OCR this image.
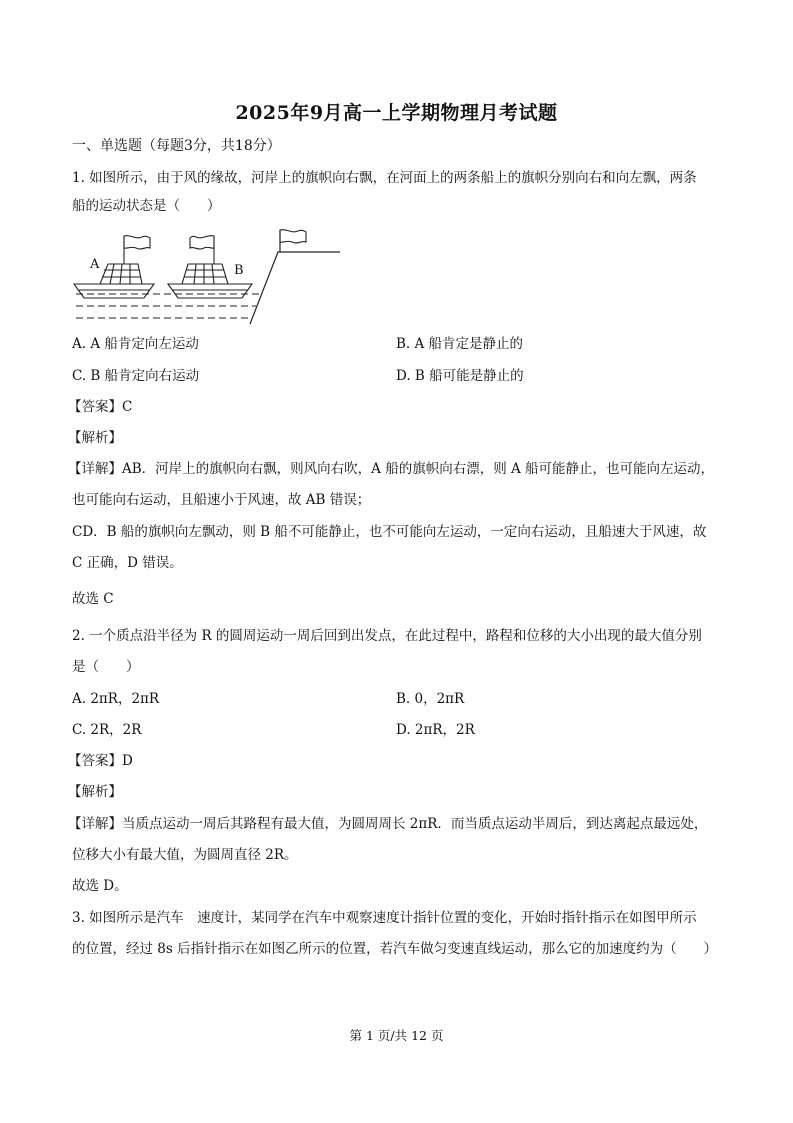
2025年9月高一上学期物理月考试题
一、单选题（每题3分，共18分）
1. 如图所示，由于风的缘故，河岸上的旗帜向右飘，在河面上的两条船上的旗帜分别向右和向左飘，两条
船的运动状态是（　　）
A	B
A. A 船肯定向左运动	B. A 船肯定是静止的
C. B 船肯定向右运动	D. B 船可能是静止的
【答案】C
【解析】
【详解】AB．河岸上的旗帜向右飘，则风向右吹，A 船的旗帜向右漂，则 A 船可能静止，也可能向左运动，
也可能向右运动，且船速小于风速，故 AB 错误；
CD．B 船的旗帜向左飘动，则 B 船不可能静止，也不可能向左运动，一定向右运动，且船速大于风速，故
C 正确，D 错误。
故选 C
2. 一个质点沿半径为 R 的圆周运动一周后回到出发点，在此过程中，路程和位移的大小出现的最大值分别
是（　　）
A. 2πR，2πR	B. 0，2πR
C. 2R，2R	D. 2πR，2R
【答案】D
【解析】
【详解】当质点运动一周后其路程有最大值，为圆周周长 2πR．而当质点运动半周后，到达离起点最远处，
位移大小有最大值，为圆周直径 2R。
故选 D。
3. 如图所示是汽车　速度计，某同学在汽车中观察速度计指针位置的变化，开始时指针指示在如图甲所示
的位置，经过 8s 后指针指示在如图乙所示的位置，若汽车做匀变速直线运动，那么它的加速度约为（　　）
第 1 页/共 12 页
